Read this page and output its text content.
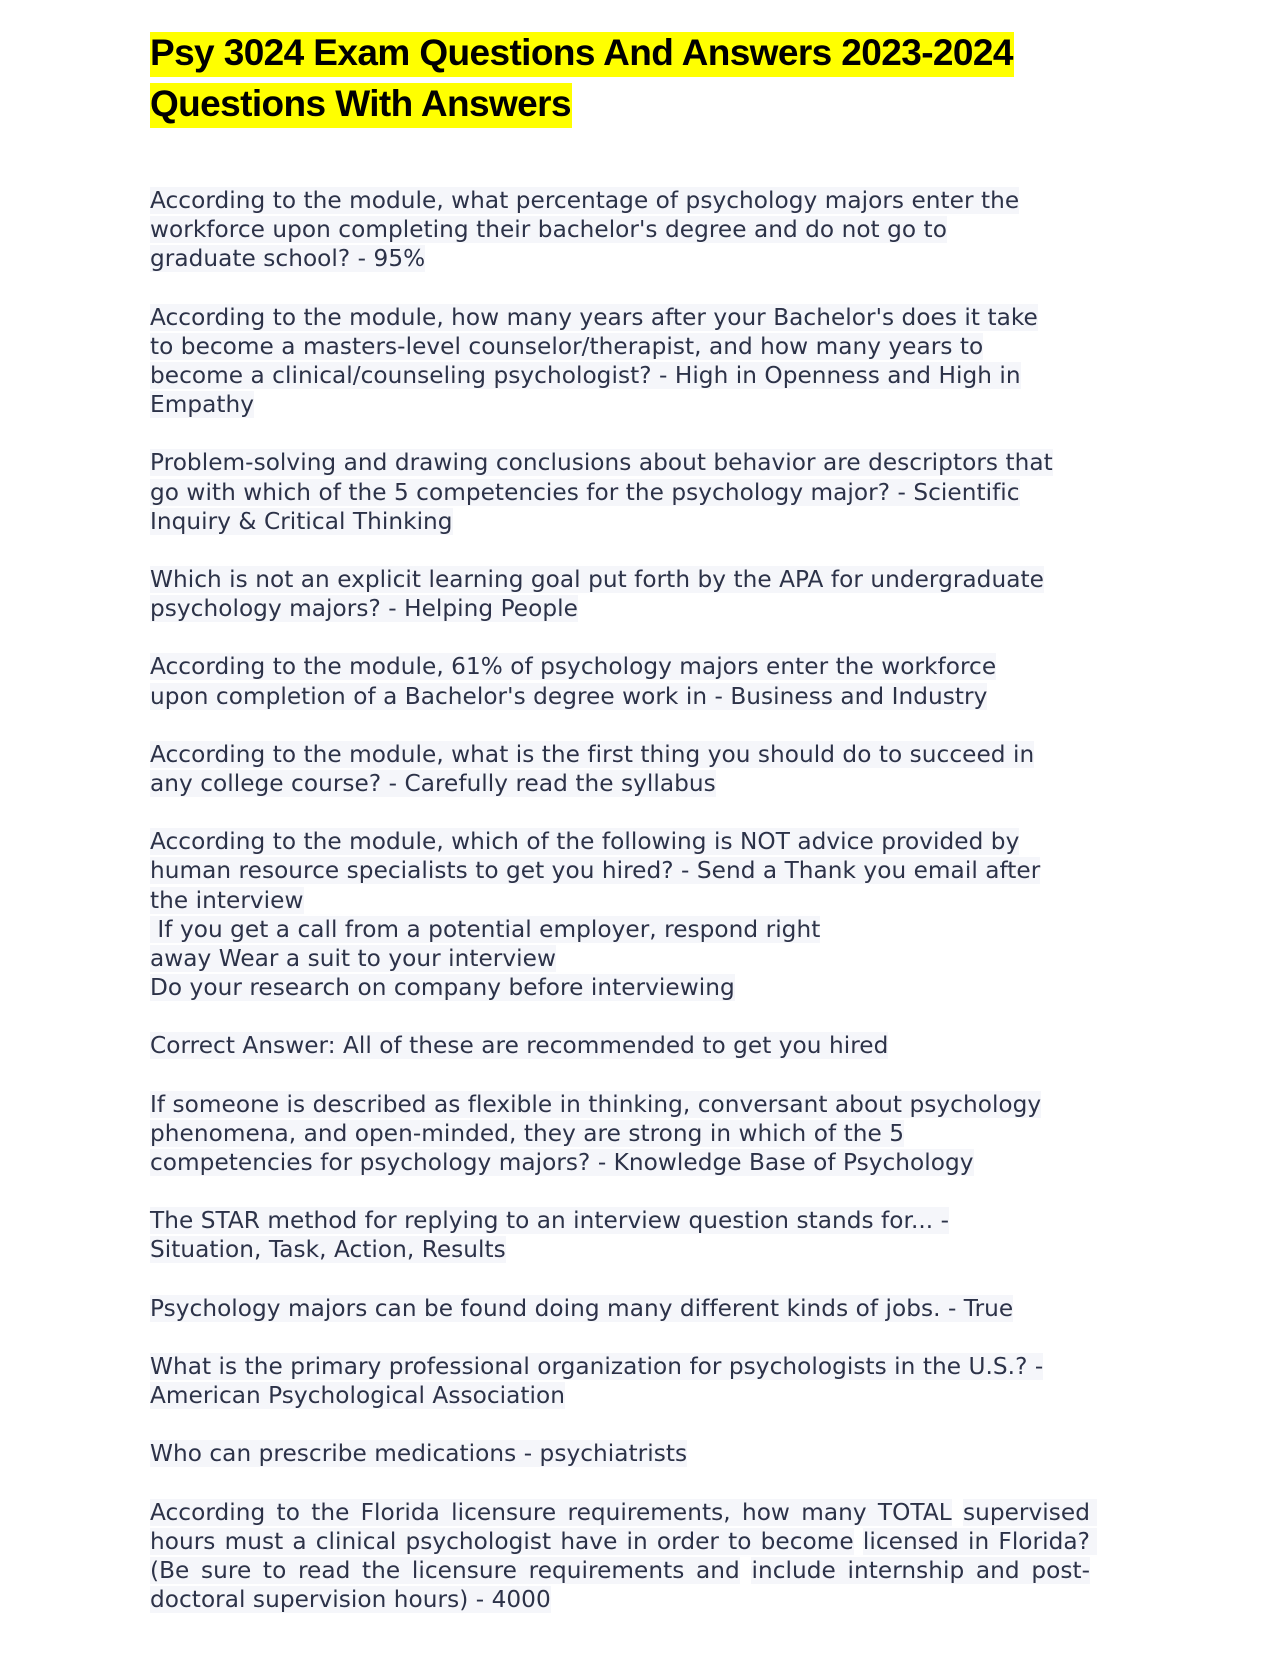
Psy 3024 Exam Questions And Answers 2023-2024
Questions With Answers
According to the module, what percentage of psychology majors enter the
workforce upon completing their bachelor's degree and do not go to
graduate school? - 95%
According to the module, how many years after your Bachelor's does it take
to become a masters-level counselor/therapist, and how many years to
become a clinical/counseling psychologist? - High in Openness and High in
Empathy
Problem-solving and drawing conclusions about behavior are descriptors that
go with which of the 5 competencies for the psychology major? - Scientific
Inquiry & Critical Thinking
Which is not an explicit learning goal put forth by the APA for undergraduate
psychology majors? - Helping People
According to the module, 61% of psychology majors enter the workforce
upon completion of a Bachelor's degree work in - Business and Industry
According to the module, what is the first thing you should do to succeed in
any college course? - Carefully read the syllabus
According to the module, which of the following is NOT advice provided by
human resource specialists to get you hired? - Send a Thank you email after
the interview
If you get a call from a potential employer, respond right
away Wear a suit to your interview
Do your research on company before interviewing
Correct Answer: All of these are recommended to get you hired
If someone is described as flexible in thinking, conversant about psychology
phenomena, and open-minded, they are strong in which of the 5
competencies for psychology majors? - Knowledge Base of Psychology
The STAR method for replying to an interview question stands for... -
Situation, Task, Action, Results
Psychology majors can be found doing many different kinds of jobs. - True
What is the primary professional organization for psychologists in the U.S.? -
American Psychological Association
Who can prescribe medications - psychiatrists
According to the Florida licensure requirements, how many TOTAL supervised hours must a clinical psychologist have in order to become licensed in Florida? (Be sure to read the licensure requirements and include internship and post-doctoral supervision hours) - 4000
